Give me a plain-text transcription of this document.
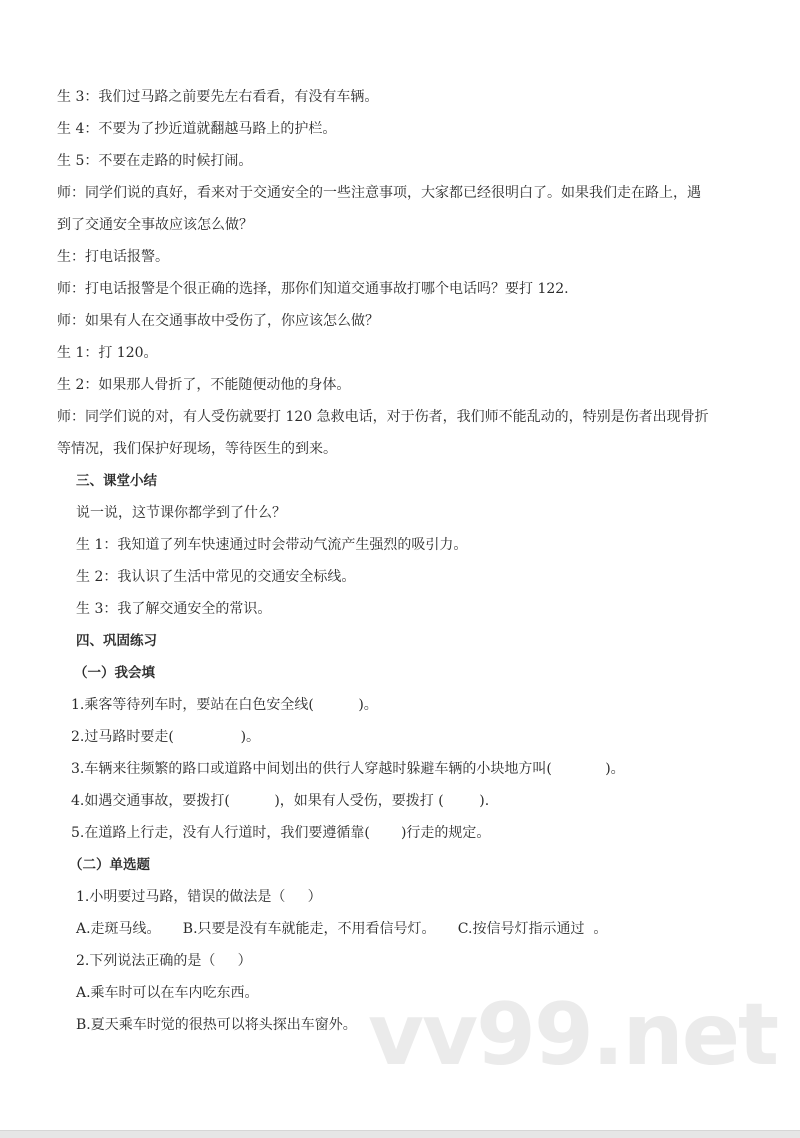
生 3：我们过马路之前要先左右看看，有没有车辆。
生 4：不要为了抄近道就翻越马路上的护栏。
生 5：不要在走路的时候打闹。
师：同学们说的真好，看来对于交通安全的一些注意事项，大家都已经很明白了。如果我们走在路上，遇
到了交通安全事故应该怎么做？
生：打电话报警。
师：打电话报警是个很正确的选择，那你们知道交通事故打哪个电话吗？要打 122.
师：如果有人在交通事故中受伤了，你应该怎么做？
生 1：打 120。
生 2：如果那人骨折了，不能随便动他的身体。
师：同学们说的对，有人受伤就要打 120 急救电话，对于伤者，我们师不能乱动的，特别是伤者出现骨折
等情况，我们保护好现场，等待医生的到来。
三、课堂小结
说一说，这节课你都学到了什么？
生 1：我知道了列车快速通过时会带动气流产生强烈的吸引力。
生 2：我认识了生活中常见的交通安全标线。
生 3：我了解交通安全的常识。
四、巩固练习
（一）我会填
1.乘客等待列车时，要站在白色安全线(          )。
2.过马路时要走(               )。
3.车辆来往频繁的路口或道路中间划出的供行人穿越时躲避车辆的小块地方叫(            )。
4.如遇交通事故，要拨打(          )，如果有人受伤，要拨打 (        ).
5.在道路上行走，没有人行道时，我们要遵循靠(       )行走的规定。
（二）单选题
1.小明要过马路，错误的做法是（     ）
A.走斑马线。     B.只要是没有车就能走，不用看信号灯。     C.按信号灯指示通过  。
2.下列说法正确的是（     ）
A.乘车时可以在车内吃东西。
B.夏天乘车时觉的很热可以将头探出车窗外。 vv99.net
